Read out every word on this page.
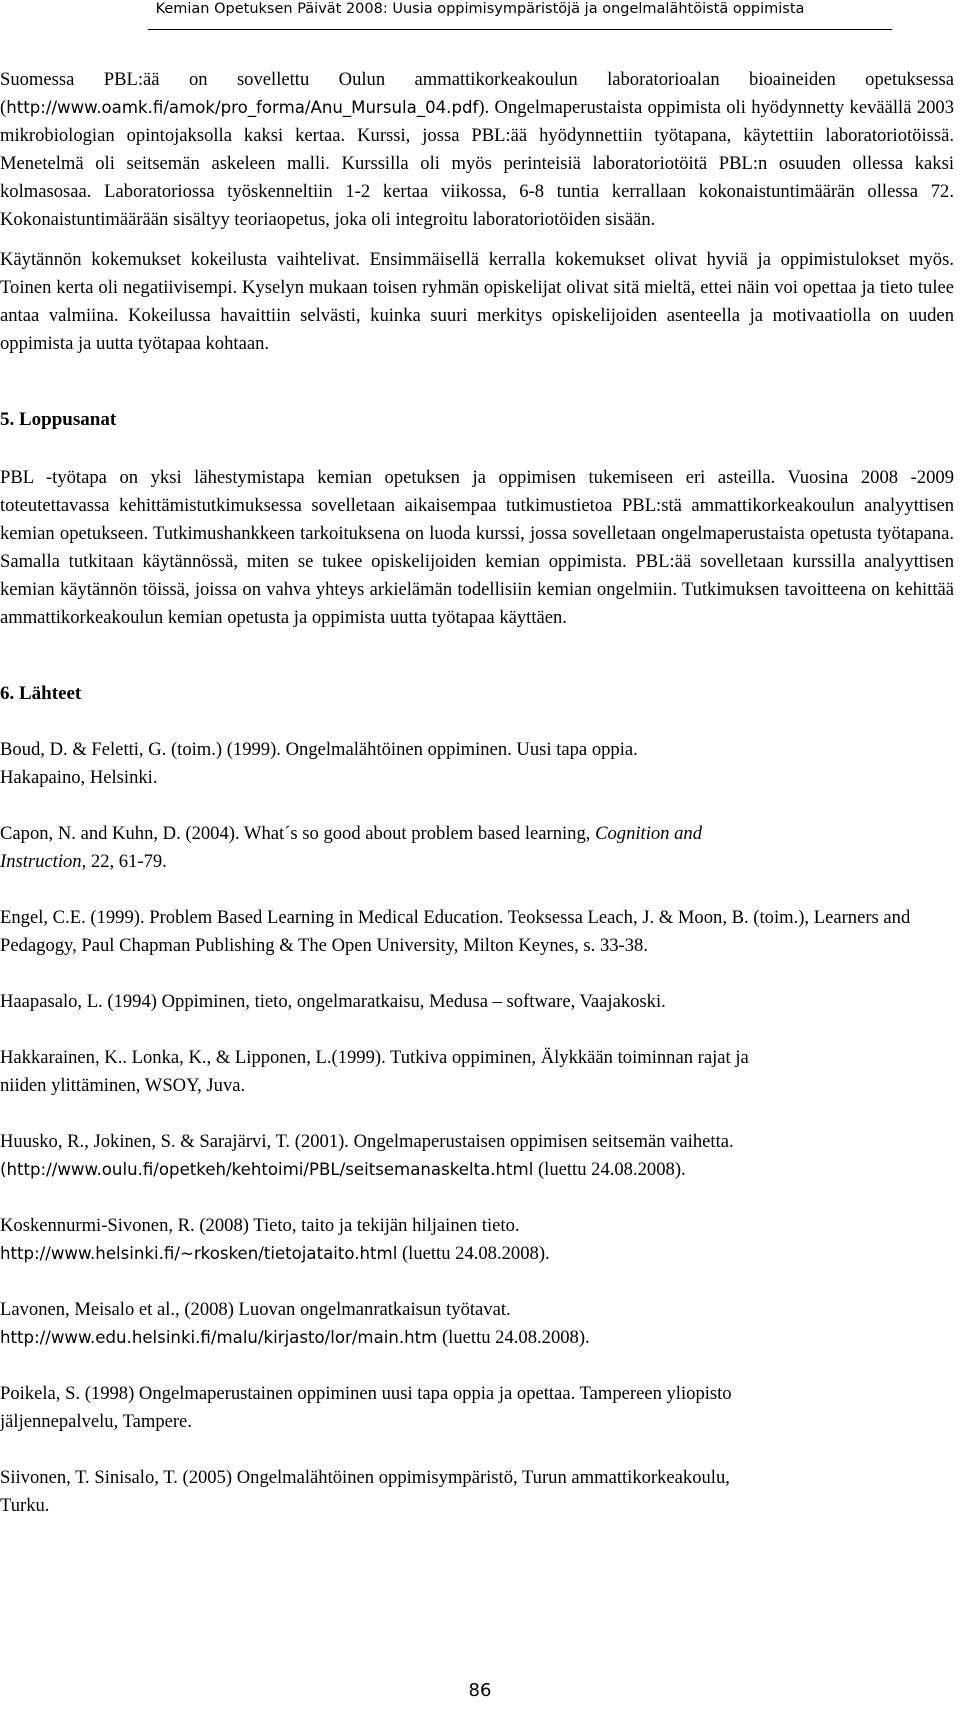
Kemian Opetuksen Päivät 2008: Uusia oppimisympäristöjä ja ongelmalähtöistä oppimista

Suomessa PBL:ää on sovellettu Oulun ammattikorkeakoulun laboratorioalan bioaineiden opetuksessa (http://www.oamk.fi/amok/pro_forma/Anu_Mursula_04.pdf). Ongelmaperustaista oppimista oli hyödynnetty keväällä 2003 mikrobiologian opintojaksolla kaksi kertaa. Kurssi, jossa PBL:ää hyödynnettiin työtapana, käytettiin laboratoriotöissä. Menetelmä oli seitsemän askeleen malli. Kurssilla oli myös perinteisiä laboratoriotöitä PBL:n osuuden ollessa kaksi kolmasosaa. Laboratoriossa työskenneltiin 1-2 kertaa viikossa, 6-8 tuntia kerrallaan kokonaistuntimäärän ollessa 72. Kokonaistuntimäärään sisältyy teoriaopetus, joka oli integroitu laboratoriotöiden sisään.

Käytännön kokemukset kokeilusta vaihtelivat. Ensimmäisellä kerralla kokemukset olivat hyviä ja oppimistulokset myös. Toinen kerta oli negatiivisempi. Kyselyn mukaan toisen ryhmän opiskelijat olivat sitä mieltä, ettei näin voi opettaa ja tieto tulee antaa valmiina. Kokeilussa havaittiin selvästi, kuinka suuri merkitys opiskelijoiden asenteella ja motivaatiolla on uuden oppimista ja uutta työtapaa kohtaan.

5. Loppusanat

PBL -työtapa on yksi lähestymistapa kemian opetuksen ja oppimisen tukemiseen eri asteilla. Vuosina 2008 -2009 toteutettavassa kehittämistutkimuksessa sovelletaan aikaisempaa tutkimustietoa PBL:stä ammattikorkeakoulun analyyttisen kemian opetukseen. Tutkimushankkeen tarkoituksena on luoda kurssi, jossa sovelletaan ongelmaperustaista opetusta työtapana. Samalla tutkitaan käytännössä, miten se tukee opiskelijoiden kemian oppimista. PBL:ää sovelletaan kurssilla analyyttisen kemian käytännön töissä, joissa on vahva yhteys arkielämän todellisiin kemian ongelmiin. Tutkimuksen tavoitteena on kehittää ammattikorkeakoulun kemian opetusta ja oppimista uutta työtapaa käyttäen.

6. Lähteet

Boud, D. & Feletti, G. (toim.) (1999). Ongelmalähtöinen oppiminen. Uusi tapa oppia.

Hakapaino, Helsinki.

Capon, N. and Kuhn, D. (2004). What´s so good about problem based learning, Cognition and

Instruction, 22, 61-79.

Engel, C.E. (1999). Problem Based Learning in Medical Education. Teoksessa Leach, J. & Moon, B. (toim.), Learners and Pedagogy, Paul Chapman Publishing & The Open University, Milton Keynes, s. 33-38.

Haapasalo, L. (1994) Oppiminen, tieto, ongelmaratkaisu, Medusa – software, Vaajakoski.

Hakkarainen, K.. Lonka, K., & Lipponen, L.(1999). Tutkiva oppiminen, Älykkään toiminnan rajat ja

niiden ylittäminen, WSOY, Juva.

Huusko, R., Jokinen, S. & Sarajärvi, T. (2001). Ongelmaperustaisen oppimisen seitsemän vaihetta.

(http://www.oulu.fi/opetkeh/kehtoimi/PBL/seitsemanaskelta.html (luettu 24.08.2008).

Koskennurmi-Sivonen, R. (2008) Tieto, taito ja tekijän hiljainen tieto.

http://www.helsinki.fi/~rkosken/tietojataito.html (luettu 24.08.2008).

Lavonen, Meisalo et al., (2008) Luovan ongelmanratkaisun työtavat.

http://www.edu.helsinki.fi/malu/kirjasto/lor/main.htm (luettu 24.08.2008).

Poikela, S. (1998) Ongelmaperustainen oppiminen uusi tapa oppia ja opettaa. Tampereen yliopisto

jäljennepalvelu, Tampere.

Siivonen, T. Sinisalo, T. (2005) Ongelmalähtöinen oppimisympäristö, Turun ammattikorkeakoulu,

Turku.

86
